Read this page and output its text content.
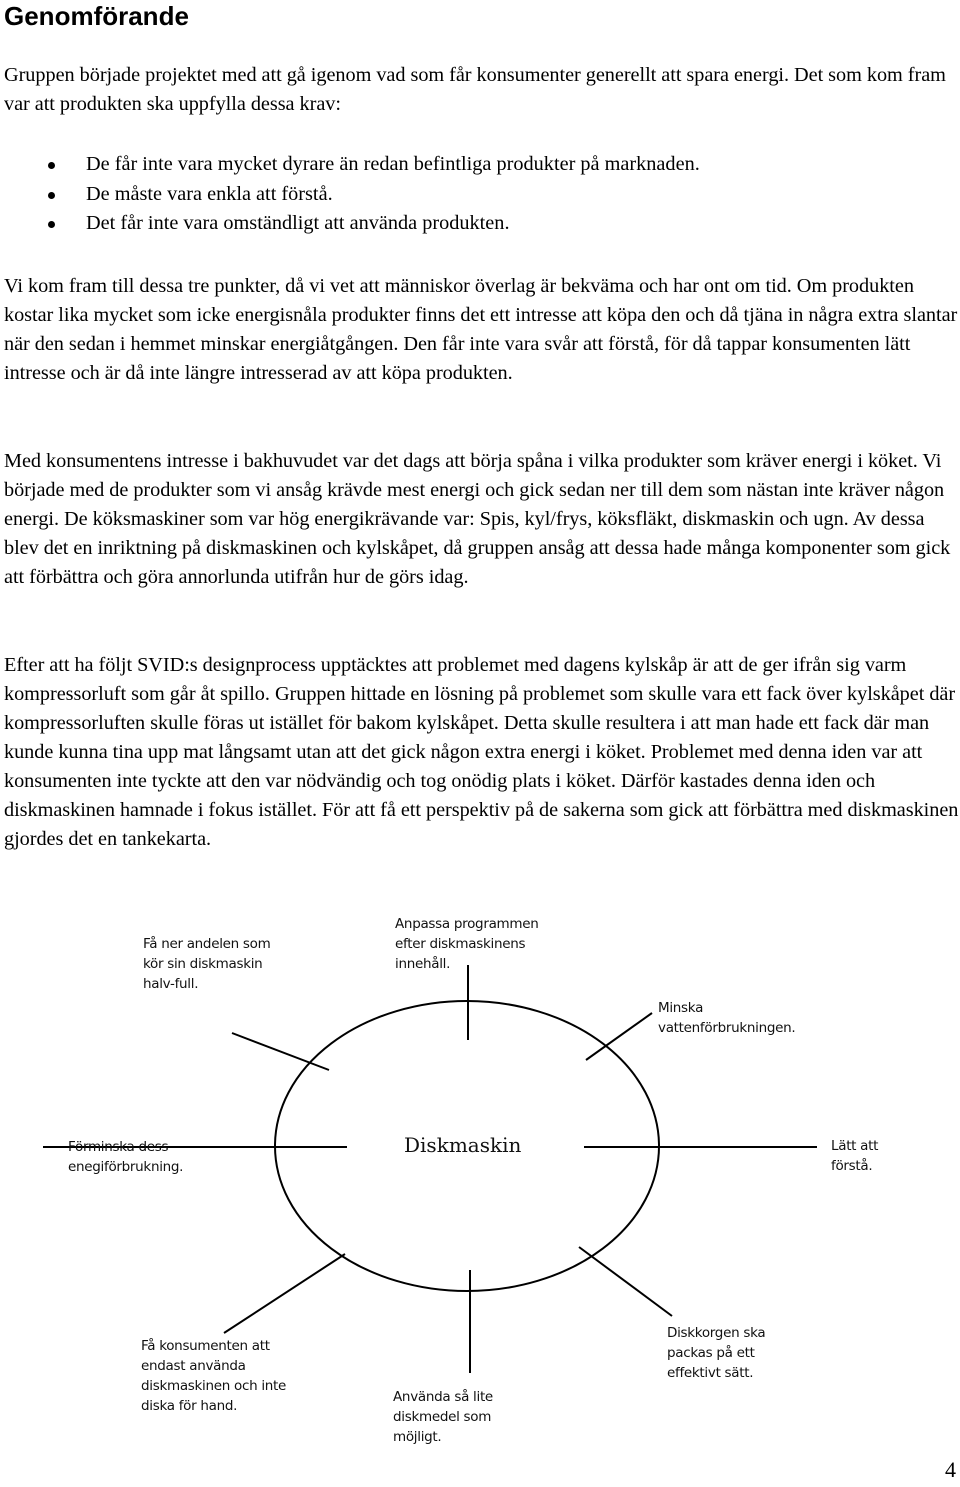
Genomförande

Gruppen började projektet med att gå igenom vad som får konsumenter generellt att spara energi. Det som kom fram var att produkten ska uppfylla dessa krav:

De får inte vara mycket dyrare än redan befintliga produkter på marknaden.
De måste vara enkla att förstå.
Det får inte vara omständligt att använda produkten.

Vi kom fram till dessa tre punkter, då vi vet att människor överlag är bekväma och har ont om tid. Om produkten kostar lika mycket som icke energisnåla produkter finns det ett intresse att köpa den och då tjäna in några extra slantar när den sedan i hemmet minskar energiåtgången. Den får inte vara svår att förstå, för då tappar konsumenten lätt intresse och är då inte längre intresserad av att köpa produkten.

Med konsumentens intresse i bakhuvudet var det dags att börja spåna i vilka produkter som kräver energi i köket. Vi började med de produkter som vi ansåg krävde mest energi och gick sedan ner till dem som nästan inte kräver någon energi. De köksmaskiner som var hög energikrävande var: Spis, kyl/frys, köksfläkt, diskmaskin och ugn. Av dessa blev det en inriktning på diskmaskinen och kylskåpet, då gruppen ansåg att dessa hade många komponenter som gick att förbättra och göra annorlunda utifrån hur de görs idag.

Efter att ha följt SVID:s designprocess upptäcktes att problemet med dagens kylskåp är att de ger ifrån sig varm kompressorluft som går åt spillo. Gruppen hittade en lösning på problemet som skulle vara ett fack över kylskåpet där kompressorluften skulle föras ut istället för bakom kylskåpet. Detta skulle resultera i att man hade ett fack där man kunde kunna tina upp mat långsamt utan att det gick någon extra energi i köket. Problemet med denna iden var att konsumenten inte tyckte att den var nödvändig och tog onödig plats i köket. Därför kastades denna iden och diskmaskinen hamnade i fokus istället. För att få ett perspektiv på de sakerna som gick att förbättra med diskmaskinen gjordes det en tankekarta.

Diskmaskin

Få ner andelen som
kör sin diskmaskin
halv-full.

Anpassa programmen
efter diskmaskinens
innehåll.

Minska
vattenförbrukningen.

Förminska dess
enegiförbrukning.

Lätt att
förstå.

Få konsumenten att
endast använda
diskmaskinen och inte
diska för hand.

Diskkorgen ska
packas på ett
effektivt sätt.

Använda så lite
diskmedel som
möjligt.

4
